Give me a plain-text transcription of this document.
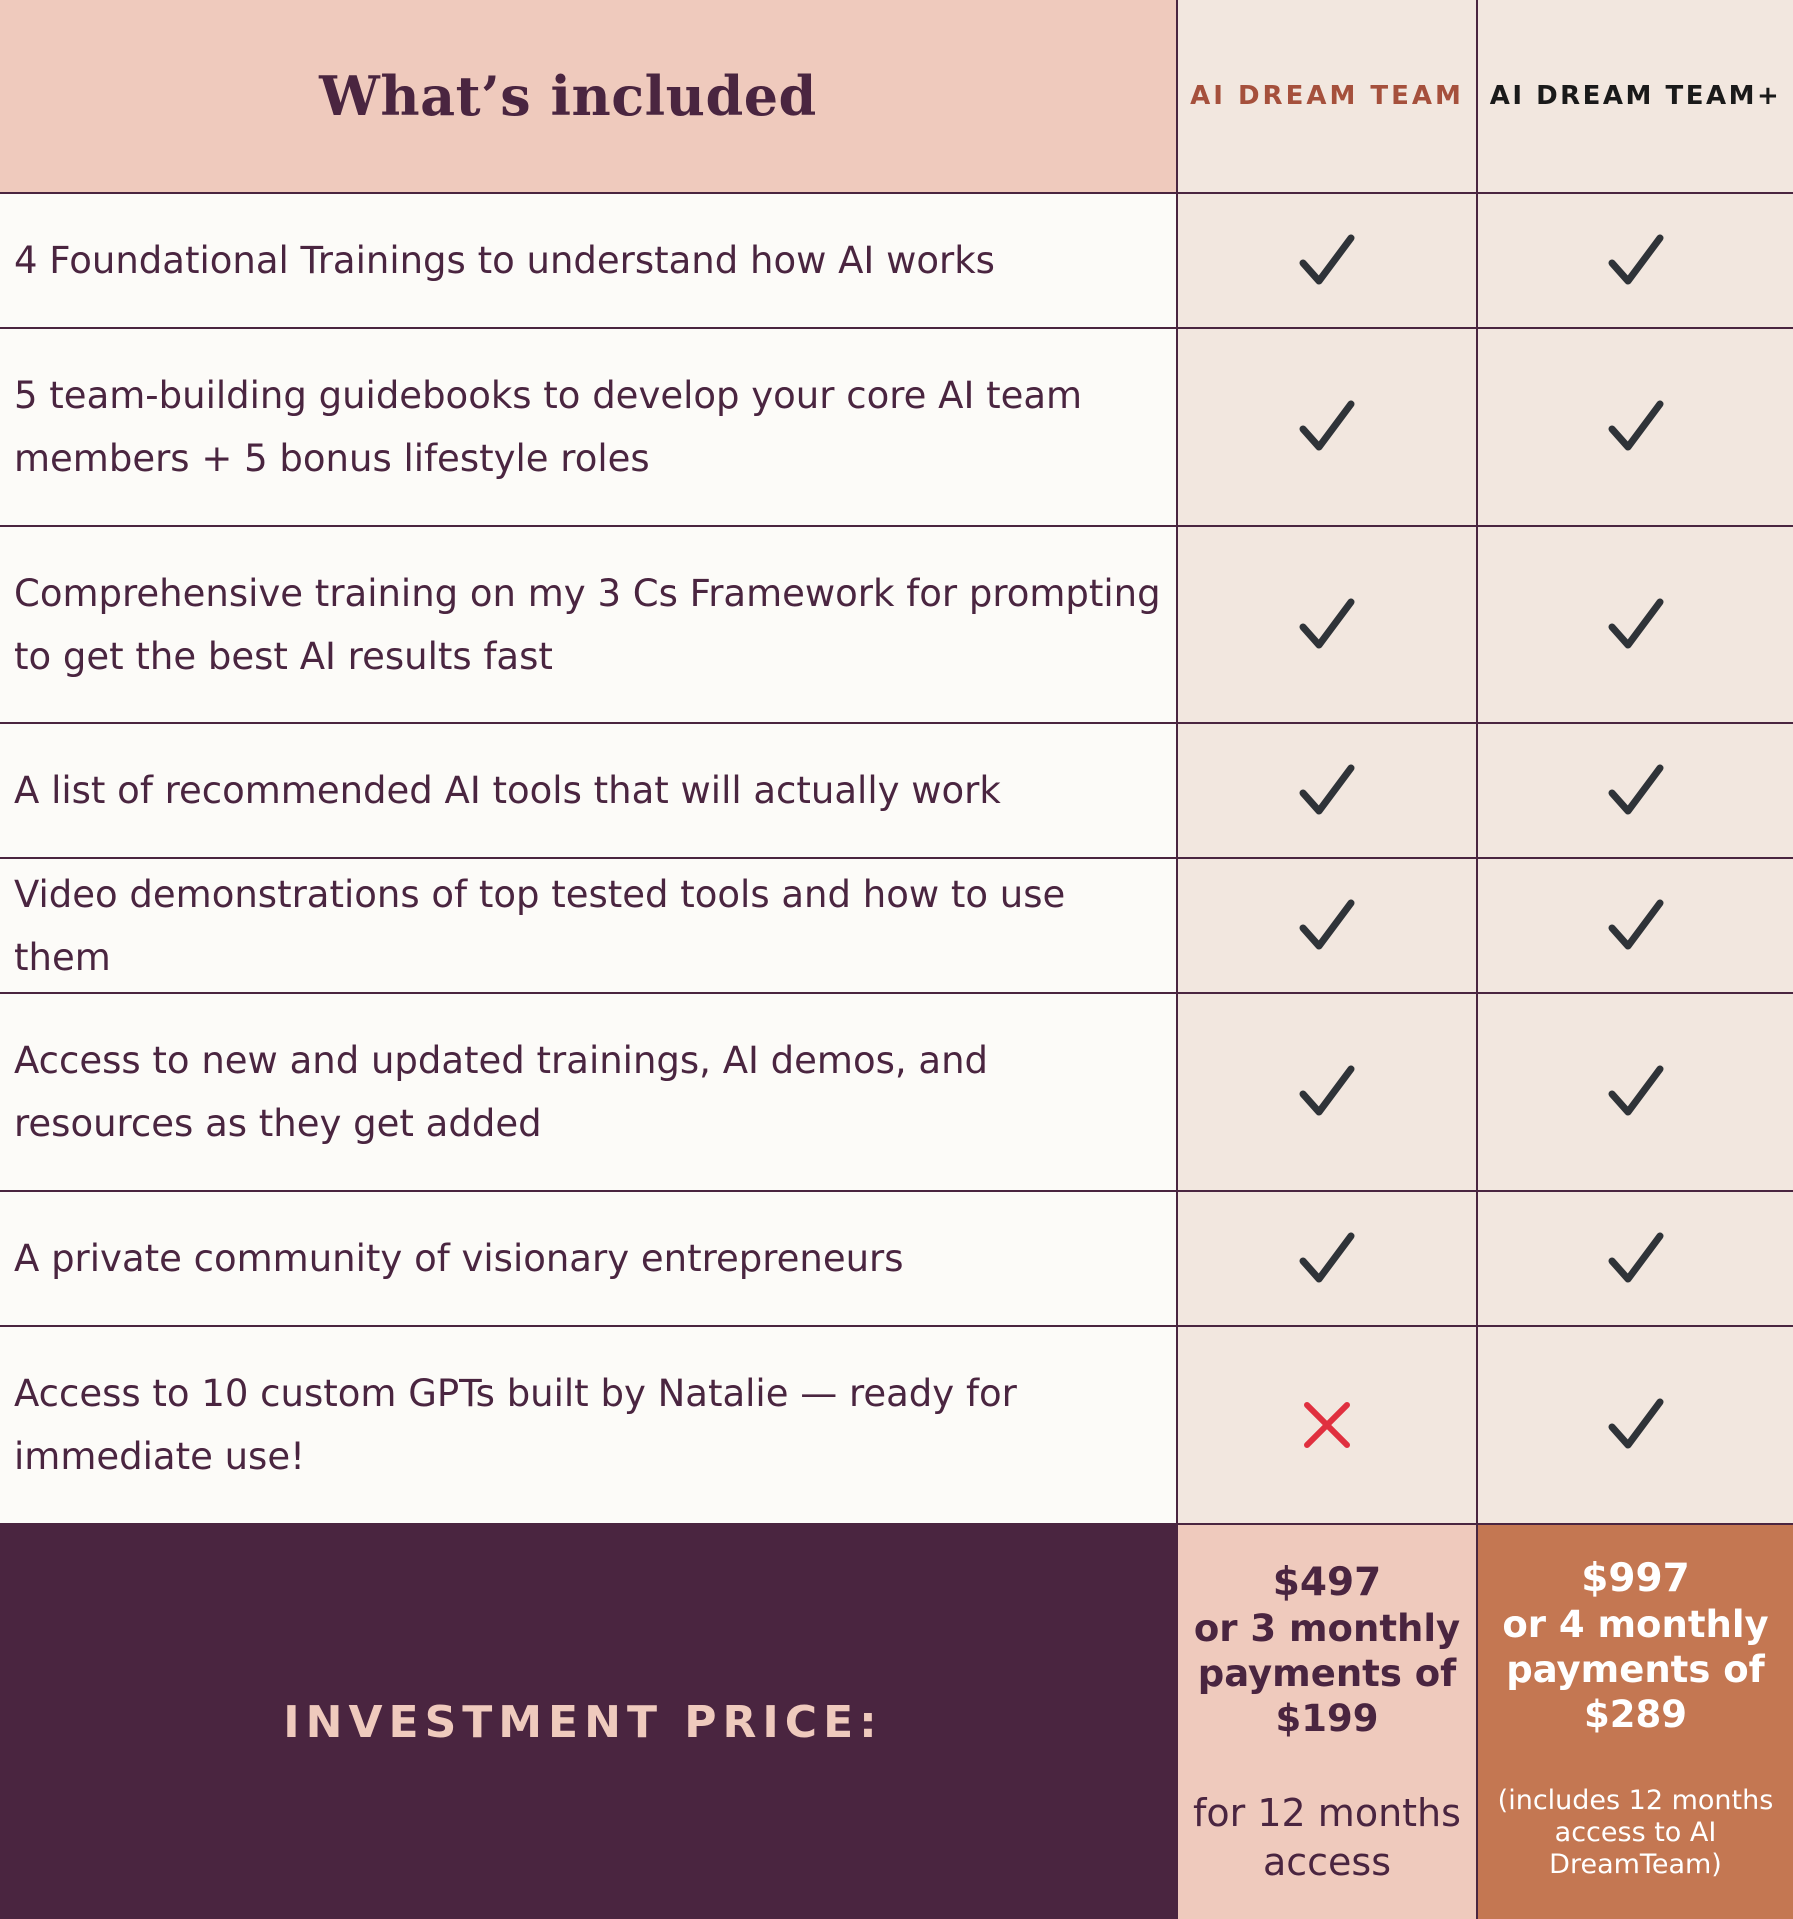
What’s included	AI DREAM TEAM AI DREAM TEAM+
4 Foundational Trainings to understand how AI works
5 team-building guidebooks to develop your core AI team members + 5 bonus lifestyle roles
Comprehensive training on my 3 Cs Framework for prompting to get the best AI results fast
A list of recommended AI tools that will actually work
Video demonstrations of top tested tools and how to use them
Access to new and updated trainings, AI demos, and resources as they get added
A private community of visionary entrepreneurs
Access to 10 custom GPTs built by Natalie — ready for immediate use!
INVESTMENT PRICE:
$497
or 3 monthly payments of $199
for 12 months access
$997
or 4 monthly payments of $289
(includes 12 months access to AI DreamTeam)
